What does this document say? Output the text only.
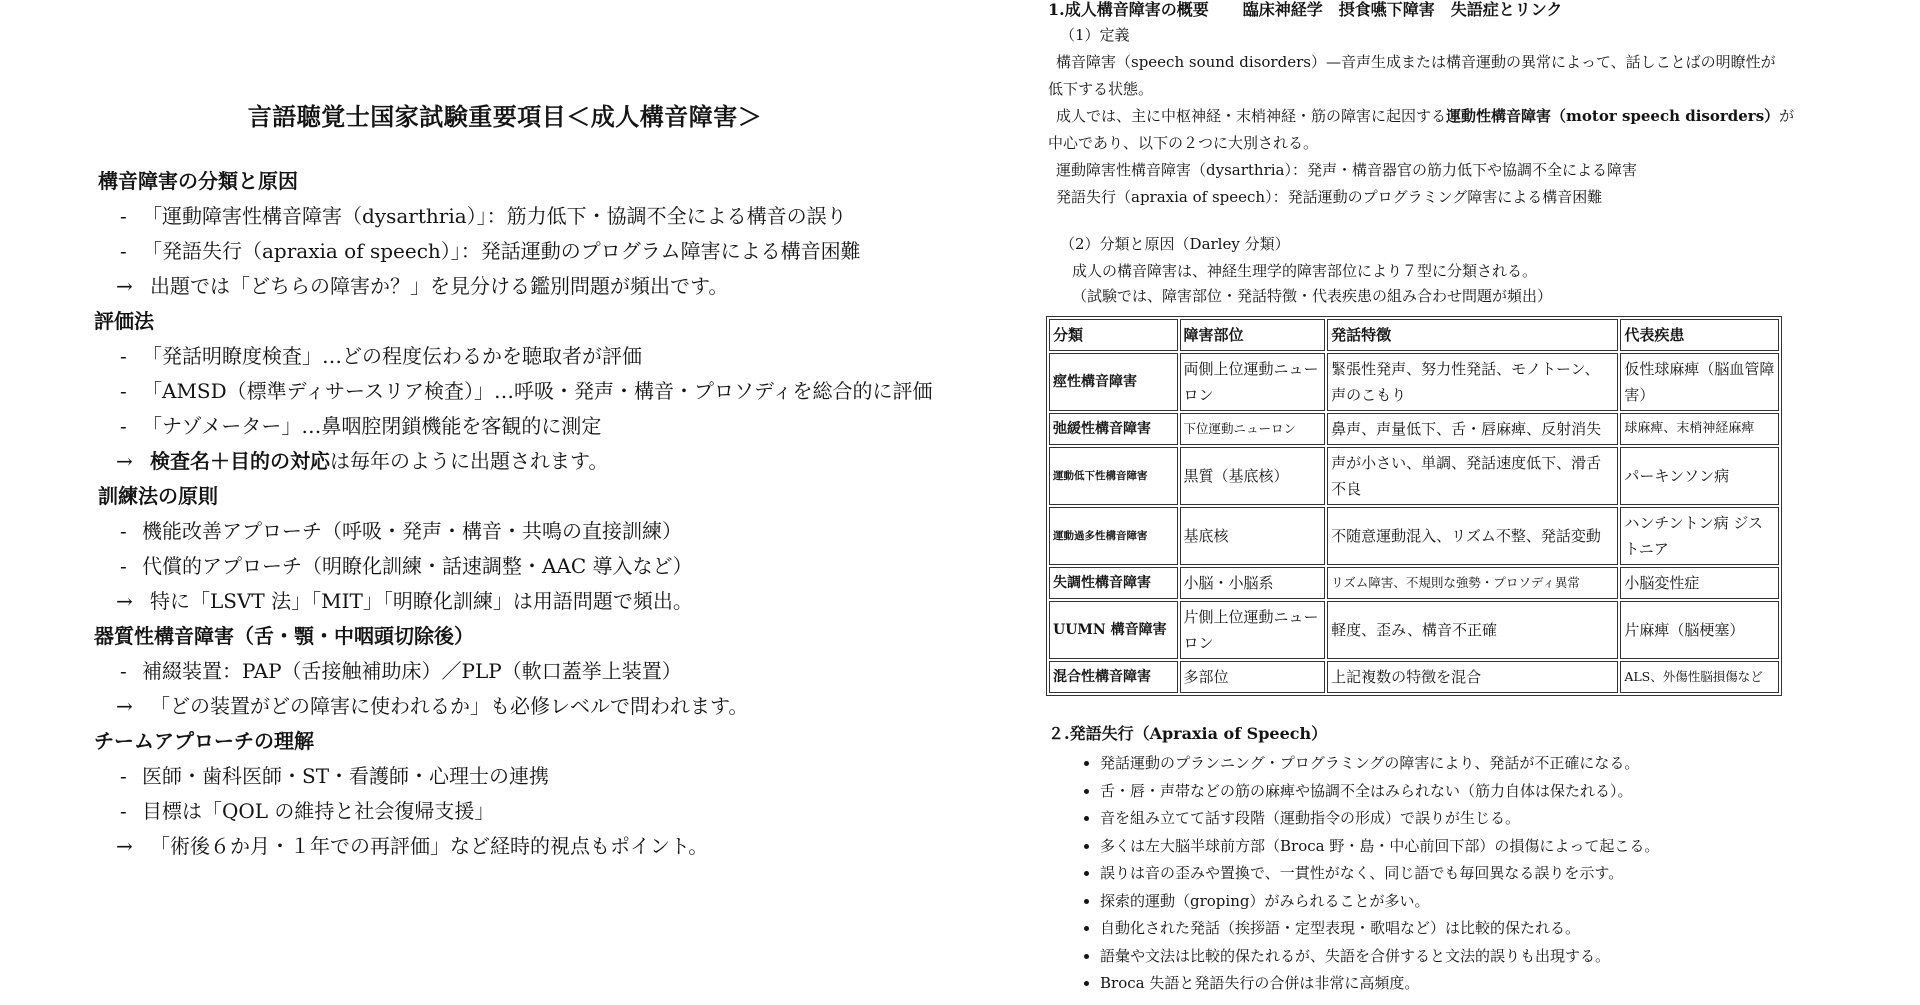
言語聴覚士国家試験重要項目＜成人構音障害＞
構音障害の分類と原因
- 「運動障害性構音障害（dysarthria）」：筋力低下・協調不全による構音の誤り
- 「発語失行（apraxia of speech）」：発話運動のプログラム障害による構音困難
→ 出題では「どちらの障害か？」を見分ける鑑別問題が頻出です。
評価法
- 「発話明瞭度検査」…どの程度伝わるかを聴取者が評価
- 「AMSD（標準ディサースリア検査）」…呼吸・発声・構音・プロソディを総合的に評価
- 「ナゾメーター」…鼻咽腔閉鎖機能を客観的に測定
→ 検査名＋目的の対応は毎年のように出題されます。
訓練法の原則
- 機能改善アプローチ（呼吸・発声・構音・共鳴の直接訓練）
- 代償的アプローチ（明瞭化訓練・話速調整・AAC 導入など）
→ 特に「LSVT 法」「MIT」「明瞭化訓練」は用語問題で頻出。
器質性構音障害（舌・顎・中咽頭切除後）
- 補綴装置：PAP（舌接触補助床）／PLP（軟口蓋挙上装置）
→ 「どの装置がどの障害に使われるか」も必修レベルで問われます。
チームアプローチの理解
- 医師・歯科医師・ST・看護師・心理士の連携
- 目標は「QOL の維持と社会復帰支援」
→ 「術後６か月・１年での再評価」など経時的視点もポイント。
1.成人構音障害の概要 臨床神経学　摂食嚥下障害　失語症とリンク
（1）定義
構音障害（speech sound disorders）—音声生成または構音運動の異常によって、話しことばの明瞭性が
低下する状態。
成人では、主に中枢神経・末梢神経・筋の障害に起因する運動性構音障害（motor speech disorders）が
中心であり、以下の２つに大別される。
運動障害性構音障害（dysarthria）：発声・構音器官の筋力低下や協調不全による障害
発語失行（apraxia of speech）：発話運動のプログラミング障害による構音困難
（2）分類と原因（Darley 分類）
成人の構音障害は、神経生理学的障害部位により７型に分類される。
（試験では、障害部位・発話特徴・代表疾患の組み合わせ問題が頻出）
分類	障害部位	発話特徴	代表疾患
痙性構音障害	両側上位運動ニューロン	緊張性発声、努力性発話、モノトーン、声のこもり	仮性球麻痺（脳血管障害）
弛緩性構音障害	下位運動ニューロン	鼻声、声量低下、舌・唇麻痺、反射消失	球麻痺、末梢神経麻痺
運動低下性構音障害	黒質（基底核）	声が小さい、単調、発話速度低下、滑舌不良	パーキンソン病
運動過多性構音障害	基底核	不随意運動混入、リズム不整、発話変動	ハンチントン病 ジストニア
失調性構音障害	小脳・小脳系	リズム障害、不規則な強勢・プロソディ異常	小脳変性症
UUMN 構音障害	片側上位運動ニューロン	軽度、歪み、構音不正確	片麻痺（脳梗塞）
混合性構音障害	多部位	上記複数の特徴を混合	ALS、外傷性脳損傷など
２.発語失行（Apraxia of Speech）
• 発話運動のプランニング・プログラミングの障害により、発話が不正確になる。
• 舌・唇・声帯などの筋の麻痺や協調不全はみられない（筋力自体は保たれる）。
• 音を組み立てて話す段階（運動指令の形成）で誤りが生じる。
• 多くは左大脳半球前方部（Broca 野・島・中心前回下部）の損傷によって起こる。
• 誤りは音の歪みや置換で、一貫性がなく、同じ語でも毎回異なる誤りを示す。
• 探索的運動（groping）がみられることが多い。
• 自動化された発話（挨拶語・定型表現・歌唱など）は比較的保たれる。
• 語彙や文法は比較的保たれるが、失語を合併すると文法的誤りも出現する。
• Broca 失語と発語失行の合併は非常に高頻度。
